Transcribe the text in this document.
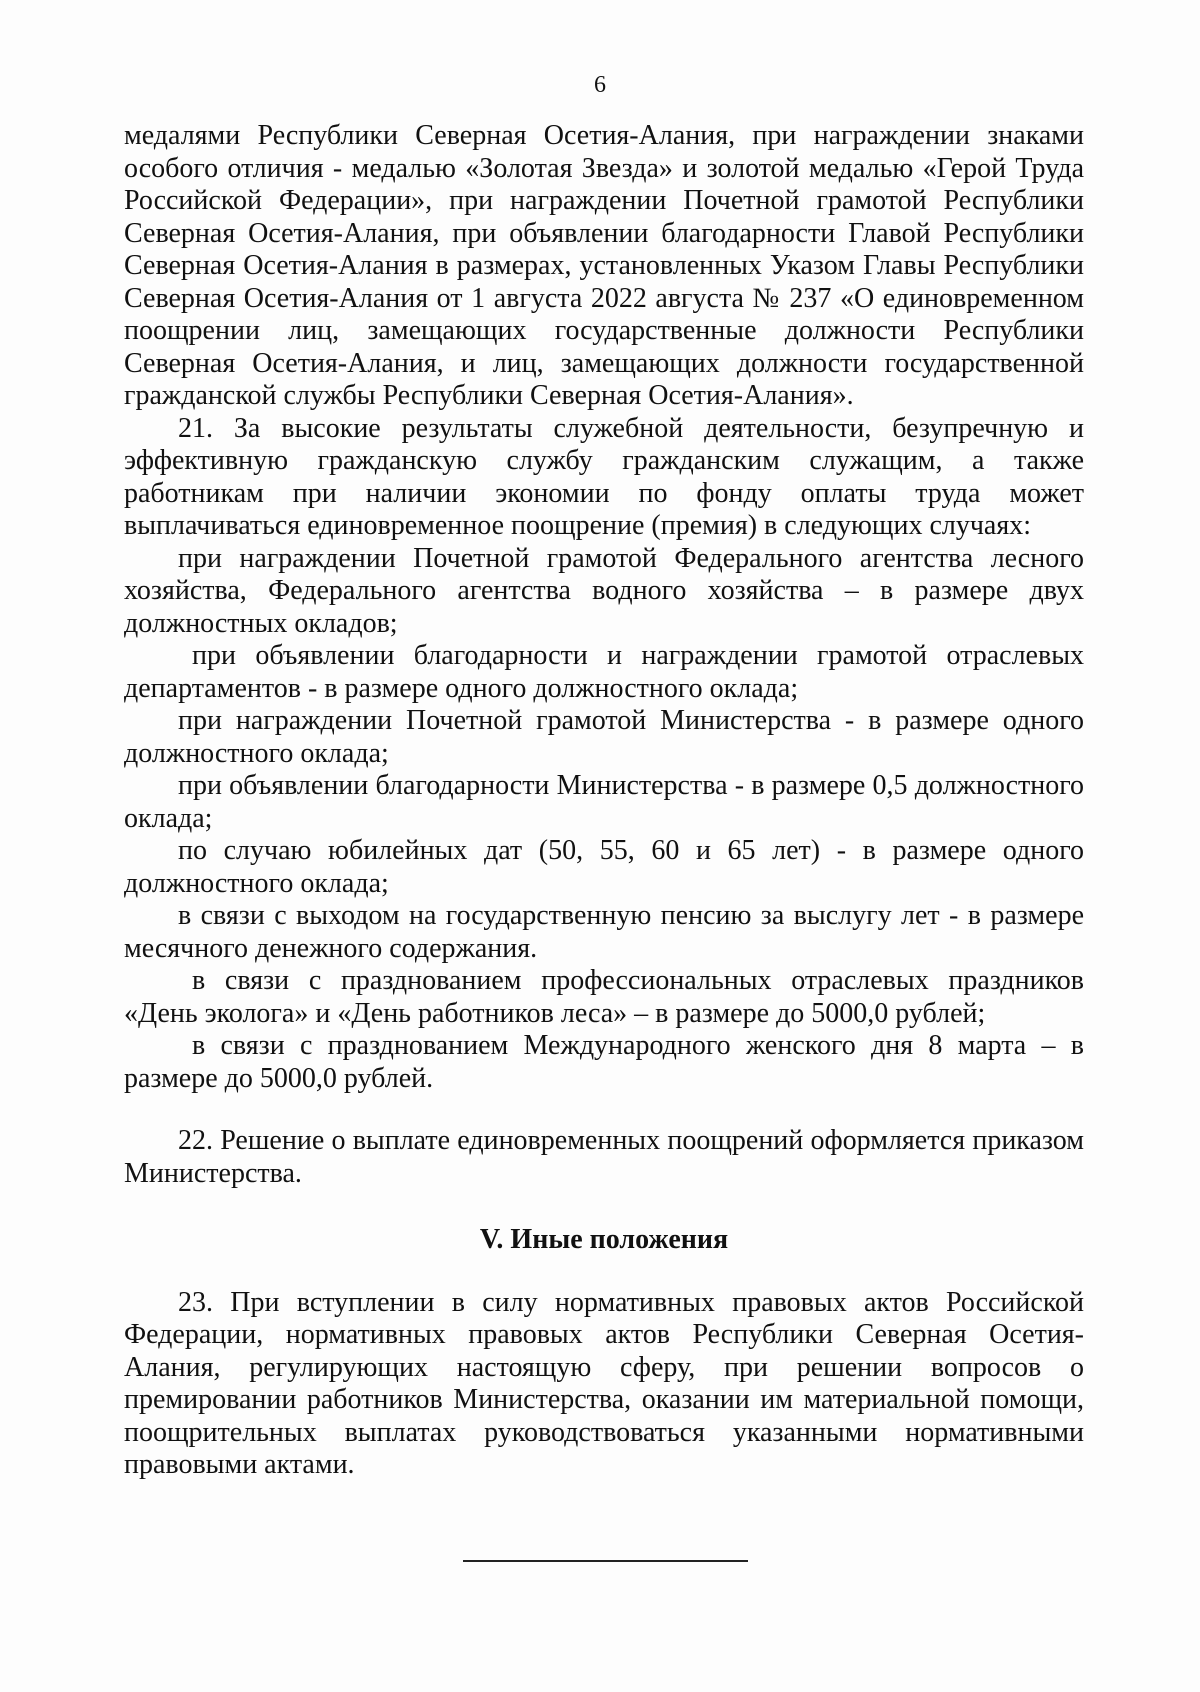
6

медалями Республики Северная Осетия-Алания, при награждении знаками особого отличия - медалью «Золотая Звезда» и золотой медалью «Герой Труда Российской Федерации», при награждении Почетной грамотой Республики Северная Осетия-Алания, при объявлении благодарности Главой Республики Северная Осетия-Алания в размерах, установленных Указом Главы Республики Северная Осетия-Алания от 1 августа 2022 августа № 237 «О единовременном поощрении лиц, замещающих государственные должности Республики Северная Осетия-Алания, и лиц, замещающих должности государственной гражданской службы Республики Северная Осетия-Алания».

21. За высокие результаты служебной деятельности, безупречную и эффективную гражданскую службу гражданским служащим, а также работникам при наличии экономии по фонду оплаты труда может выплачиваться единовременное поощрение (премия) в следующих случаях:

при награждении Почетной грамотой Федерального агентства лесного хозяйства, Федерального агентства водного хозяйства – в размере двух должностных окладов;

при объявлении благодарности и награждении грамотой отраслевых департаментов - в размере одного должностного оклада;

при награждении Почетной грамотой Министерства - в размере одного должностного оклада;

при объявлении благодарности Министерства - в размере 0,5 должностного оклада;

по случаю юбилейных дат (50, 55, 60 и 65 лет) - в размере одного должностного оклада;

в связи с выходом на государственную пенсию за выслугу лет - в размере месячного денежного содержания.

в связи с празднованием профессиональных отраслевых праздников «День эколога» и «День работников леса» – в размере до 5000,0 рублей;

в связи с празднованием Международного женского дня 8 марта – в размере до 5000,0 рублей.

22. Решение о выплате единовременных поощрений оформляется приказом Министерства.

V. Иные положения

23. При вступлении в силу нормативных правовых актов Российской Федерации, нормативных правовых актов Республики Северная Осетия-Алания, регулирующих настоящую сферу, при решении вопросов о премировании работников Министерства, оказании им материальной помощи, поощрительных выплатах руководствоваться указанными нормативными правовыми актами.
